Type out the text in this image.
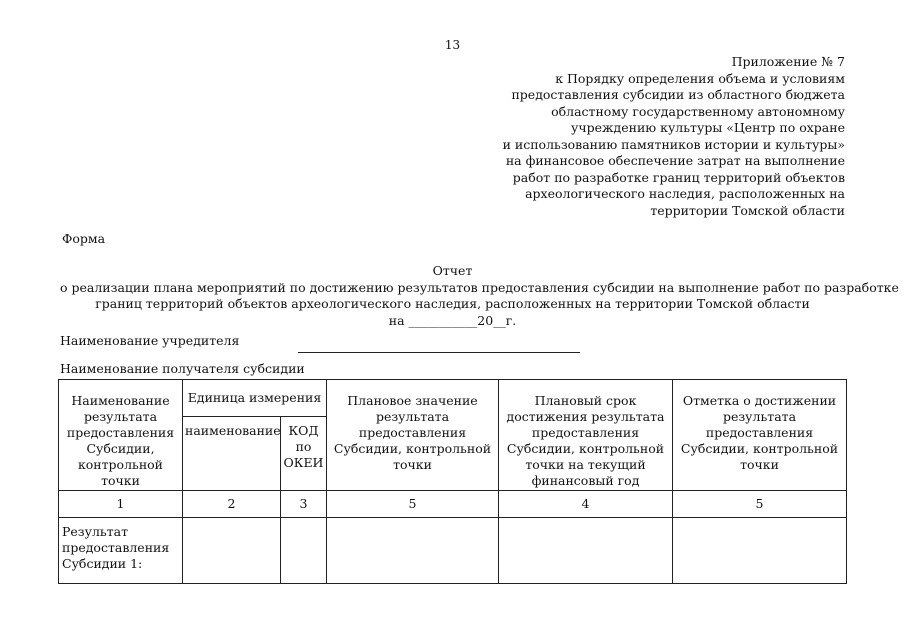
13
Приложение № 7
к Порядку определения объема и условиям
предоставления субсидии из областного бюджета
областному государственному автономному
учреждению культуры «Центр по охране
и использованию памятников истории и культуры»
на финансовое обеспечение затрат на выполнение
работ по разработке границ территорий объектов
археологического наследия, расположенных на
территории Томской области
Форма
Отчет
о реализации плана мероприятий по достижению результатов предоставления субсидии на выполнение работ по разработке
границ территорий объектов археологического наследия, расположенных на территории Томской области
на ___________20__г.
Наименование учредителя
Наименование получателя субсидии
Наименование результата предоставления Субсидии, контрольной точки	Единица измерения		Плановое значение результата предоставления Субсидии, контрольной точки	Плановый срок достижения результата предоставления Субсидии, контрольной точки на текущий финансовый год	Отметка о достижении результата предоставления Субсидии, контрольной точки
	наименование	КОД по ОКЕИ			
1	2	3	5	4	5
Результат предоставления Субсидии 1:					
